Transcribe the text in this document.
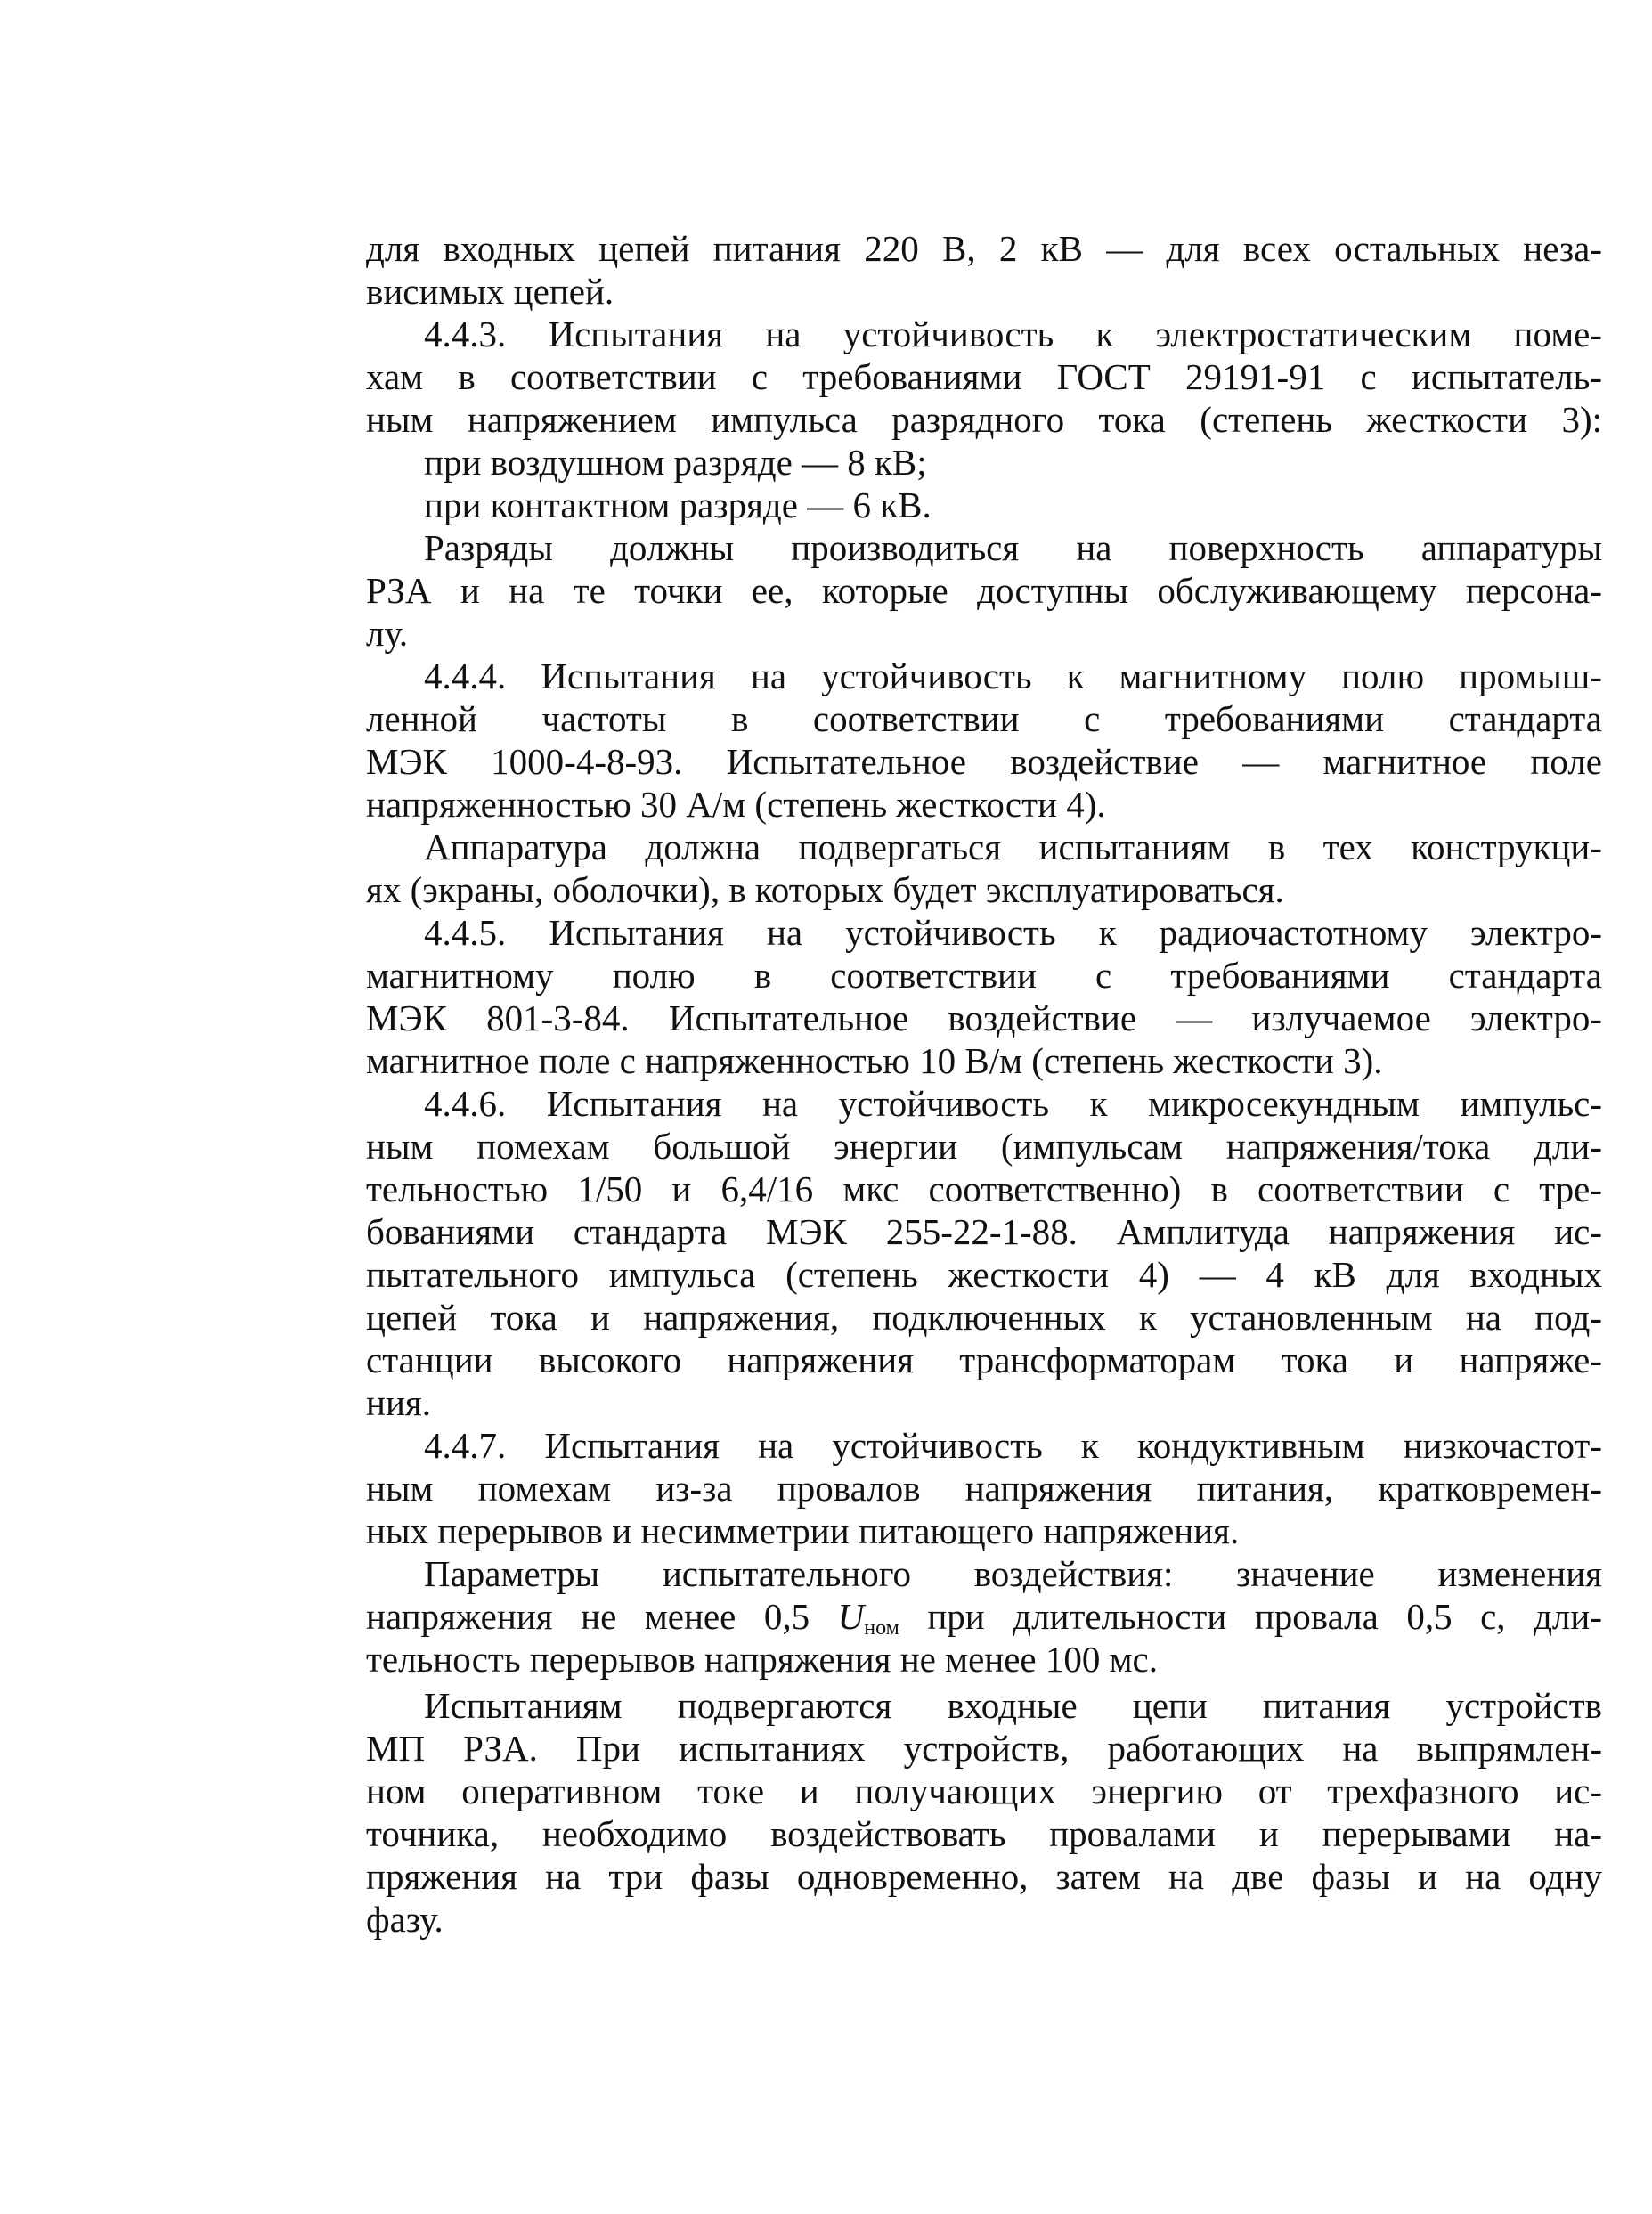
для входных цепей питания 220 В, 2 кВ — для всех остальных неза-
висимых цепей.
4.4.3. Испытания на устойчивость к электростатическим поме-
хам в соответствии с требованиями ГОСТ 29191-91 с испытатель-
ным напряжением импульса разрядного тока (степень жесткости 3):
при воздушном разряде — 8 кВ;
при контактном разряде — 6 кВ.
Разряды должны производиться на поверхность аппаратуры
РЗА и на те точки ее, которые доступны обслуживающему персона-
лу.
4.4.4. Испытания на устойчивость к магнитному полю промыш-
ленной частоты в соответствии с требованиями стандарта
МЭК 1000-4-8-93. Испытательное воздействие — магнитное поле
напряженностью 30 А/м (степень жесткости 4).
Аппаратура должна подвергаться испытаниям в тех конструкци-
ях (экраны, оболочки), в которых будет эксплуатироваться.
4.4.5. Испытания на устойчивость к радиочастотному электро-
магнитному полю в соответствии с требованиями стандарта
МЭК 801-3-84. Испытательное воздействие — излучаемое электро-
магнитное поле с напряженностью 10 В/м (степень жесткости 3).
4.4.6. Испытания на устойчивость к микросекундным импульс-
ным помехам большой энергии (импульсам напряжения/тока дли-
тельностью 1/50 и 6,4/16 мкс соответственно) в соответствии с тре-
бованиями стандарта МЭК 255-22-1-88. Амплитуда напряжения ис-
пытательного импульса (степень жесткости 4) — 4 кВ для входных
цепей тока и напряжения, подключенных к установленным на под-
станции высокого напряжения трансформаторам тока и напряже-
ния.
4.4.7. Испытания на устойчивость к кондуктивным низкочастот-
ным помехам из-за провалов напряжения питания, кратковремен-
ных перерывов и несимметрии питающего напряжения.
Параметры испытательного воздействия: значение изменения
напряжения не менее 0,5 $U_{ном}$ при длительности провала 0,5 с, дли-
тельность перерывов напряжения не менее 100 мс.
Испытаниям подвергаются входные цепи питания устройств
МП РЗА. При испытаниях устройств, работающих на выпрямлен-
ном оперативном токе и получающих энергию от трехфазного ис-
точника, необходимо воздействовать провалами и перерывами на-
пряжения на три фазы одновременно, затем на две фазы и на одну
фазу.
